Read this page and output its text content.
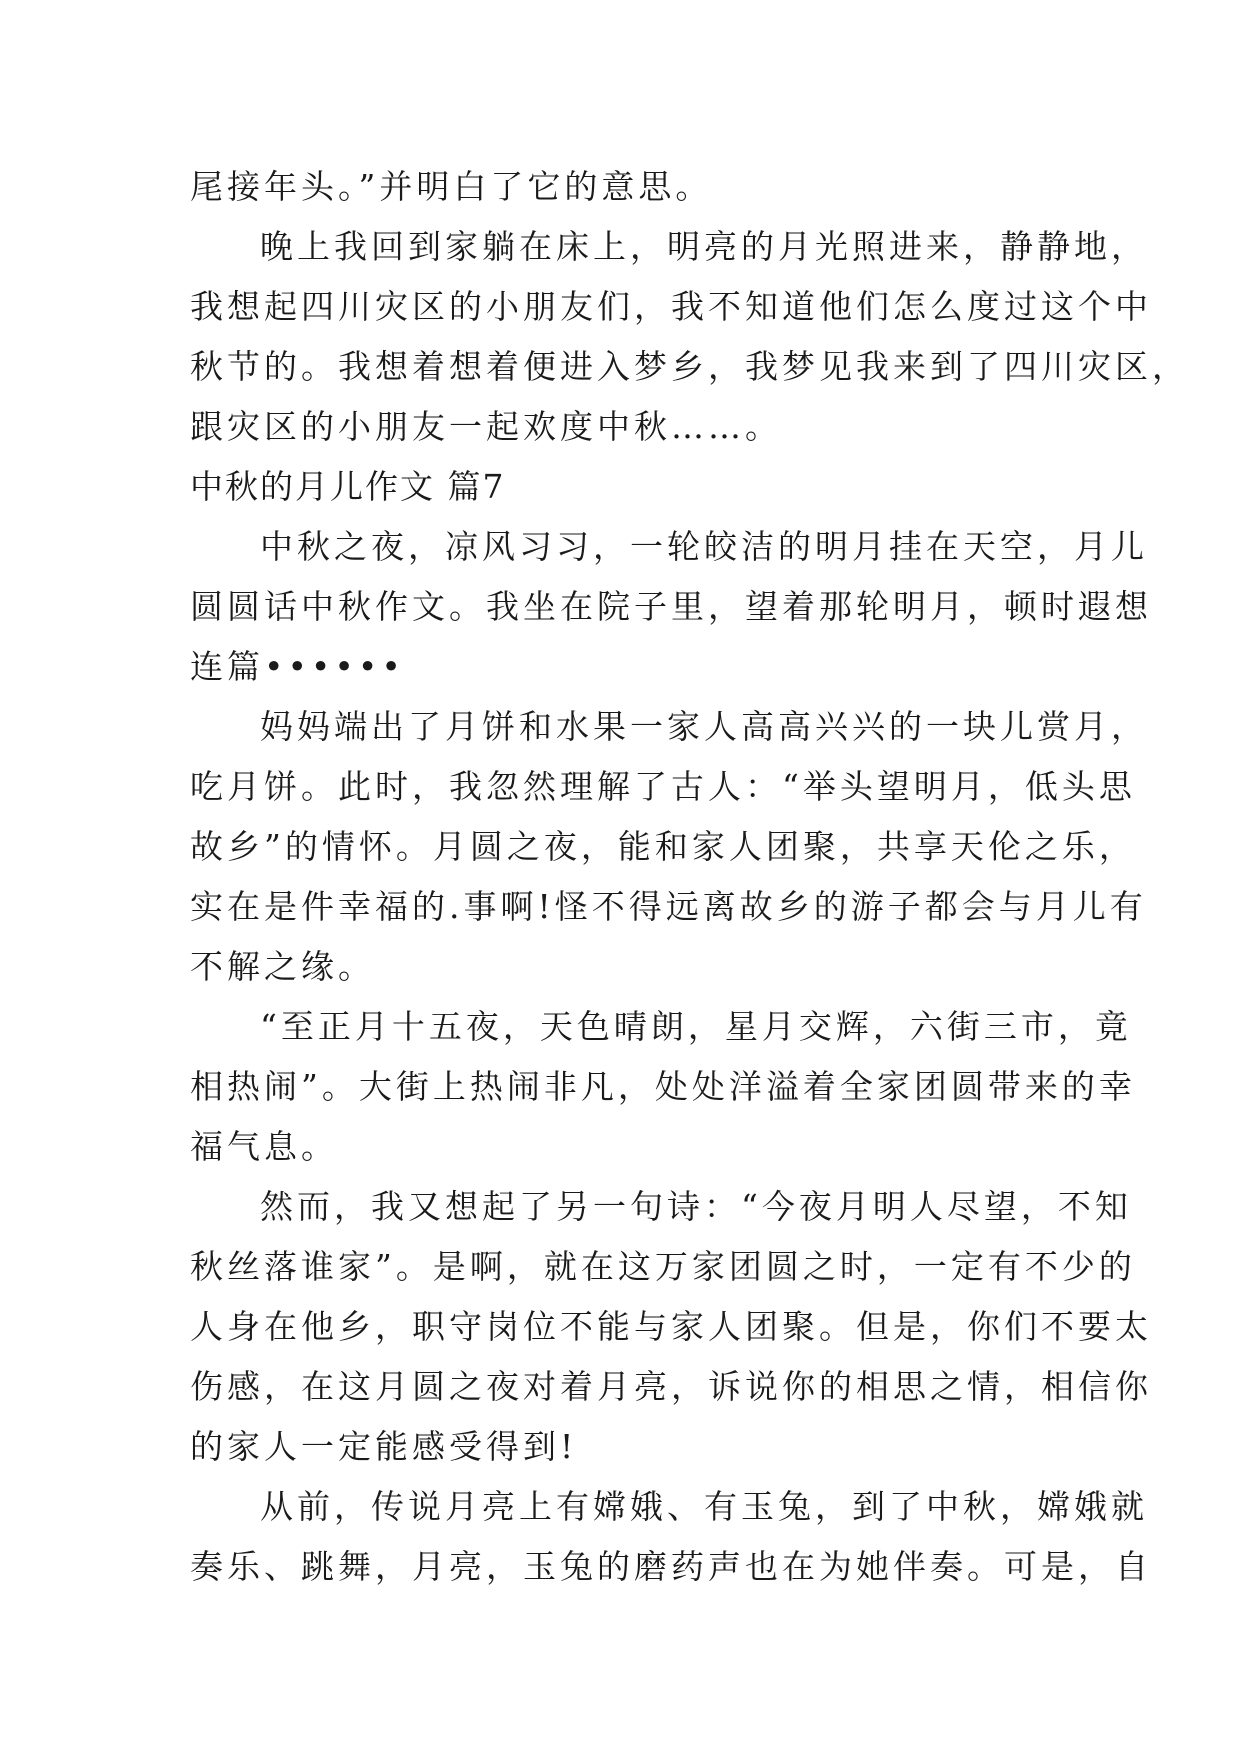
尾接年头。”并明白了它的意思。
晚上我回到家躺在床上，明亮的月光照进来，静静地，
我想起四川灾区的小朋友们，我不知道他们怎么度过这个中
秋节的。我想着想着便进入梦乡，我梦见我来到了四川灾区，
跟灾区的小朋友一起欢度中秋……。
中秋的月儿作文 篇7
中秋之夜，凉风习习，一轮皎洁的明月挂在天空，月儿
圆圆话中秋作文。我坐在院子里，望着那轮明月，顿时遐想
连篇••••••
妈妈端出了月饼和水果一家人高高兴兴的一块儿赏月，
吃月饼。此时，我忽然理解了古人：“举头望明月，低头思
故乡”的情怀。月圆之夜，能和家人团聚，共享天伦之乐，
实在是件幸福的.事啊!怪不得远离故乡的游子都会与月儿有
不解之缘。
“至正月十五夜，天色晴朗，星月交辉，六街三市，竟
相热闹”。大街上热闹非凡，处处洋溢着全家团圆带来的幸
福气息。
然而，我又想起了另一句诗：“今夜月明人尽望，不知
秋丝落谁家”。是啊，就在这万家团圆之时，一定有不少的
人身在他乡，职守岗位不能与家人团聚。但是，你们不要太
伤感，在这月圆之夜对着月亮，诉说你的相思之情，相信你
的家人一定能感受得到!
从前，传说月亮上有嫦娥、有玉兔，到了中秋，嫦娥就
奏乐、跳舞，月亮，玉兔的磨药声也在为她伴奏。可是，自
